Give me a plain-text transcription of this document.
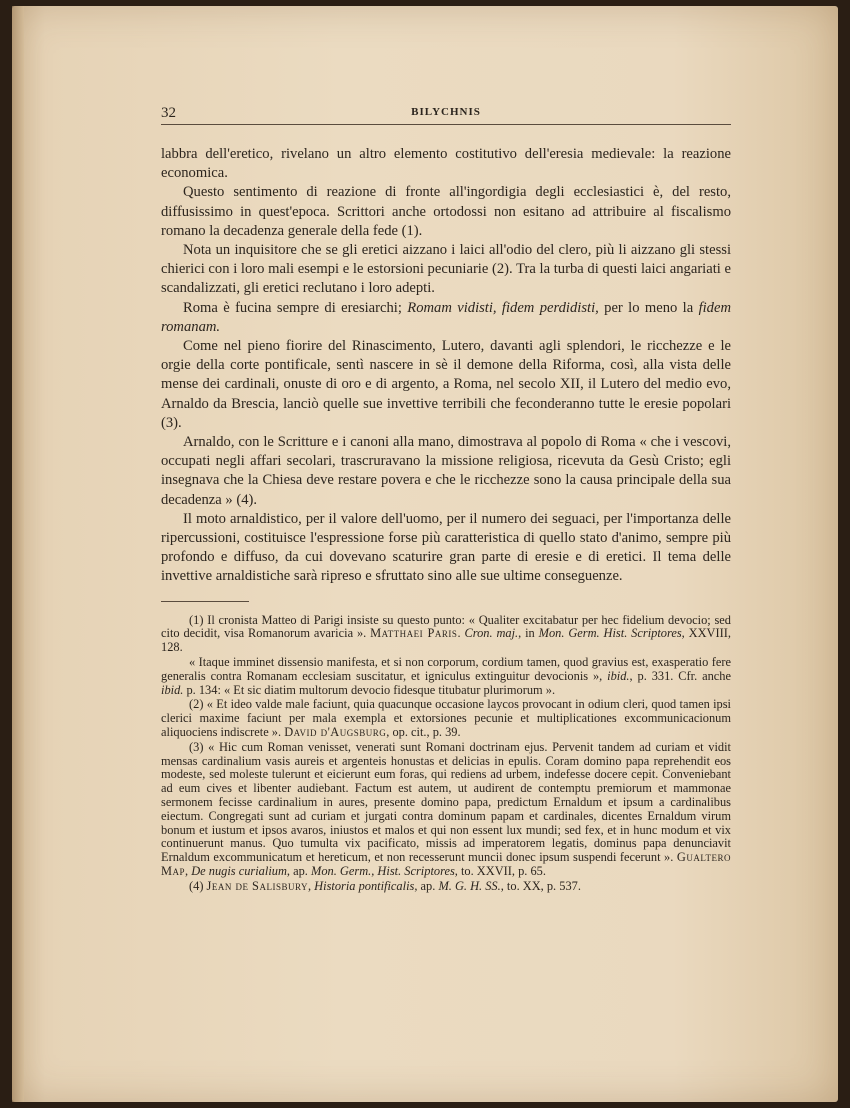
32	BILYCHNIS

labbra dell'eretico, rivelano un altro elemento costitutivo dell'eresia medievale: la reazione economica.

Questo sentimento di reazione di fronte all'ingordigia degli ecclesiastici è, del resto, diffusissimo in quest'epoca. Scrittori anche ortodossi non esitano ad attribuire al fiscalismo romano la decadenza generale della fede (1).

Nota un inquisitore che se gli eretici aizzano i laici all'odio del clero, più li aizzano gli stessi chierici con i loro mali esempi e le estorsioni pecuniarie (2). Tra la turba di questi laici angariati e scandalizzati, gli eretici reclutano i loro adepti.

Roma è fucina sempre di eresiarchi; Romam vidisti, fidem perdidisti, per lo meno la fidem romanam.

Come nel pieno fiorire del Rinascimento, Lutero, davanti agli splendori, le ricchezze e le orgie della corte pontificale, sentì nascere in sè il demone della Riforma, così, alla vista delle mense dei cardinali, onuste di oro e di argento, a Roma, nel secolo XII, il Lutero del medio evo, Arnaldo da Brescia, lanciò quelle sue invettive terribili che feconderanno tutte le eresie popolari (3).

Arnaldo, con le Scritture e i canoni alla mano, dimostrava al popolo di Roma « che i vescovi, occupati negli affari secolari, trascruravano la missione religiosa, ricevuta da Gesù Cristo; egli insegnava che la Chiesa deve restare povera e che le ricchezze sono la causa principale della sua decadenza » (4).

Il moto arnaldistico, per il valore dell'uomo, per il numero dei seguaci, per l'importanza delle ripercussioni, costituisce l'espressione forse più caratteristica di quello stato d'animo, sempre più profondo e diffuso, da cui dovevano scaturire gran parte di eresie e di eretici. Il tema delle invettive arnaldistiche sarà ripreso e sfruttato sino alle sue ultime conseguenze.

(1) Il cronista Matteo di Parigi insiste su questo punto: « Qualiter excitabatur per hec fidelium devocio; sed cito decidit, visa Romanorum avaricia ». Matthaei Paris. Cron. maj., in Mon. Germ. Hist. Scriptores, XXVIII, 128.

« Itaque imminet dissensio manifesta, et si non corporum, cordium tamen, quod gravius est, exasperatio fere generalis contra Romanam ecclesiam suscitatur, et igniculus extinguitur devocionis », ibid., p. 331. Cfr. anche ibid. p. 134: « Et sic diatim multorum devocio fidesque titubatur plurimorum ».

(2) « Et ideo valde male faciunt, quia quacunque occasione laycos provocant in odium cleri, quod tamen ipsi clerici maxime faciunt per mala exempla et extorsiones pecunie et multiplicationes excommunicacionum aliquociens indiscrete ». David d'Augsburg, op. cit., p. 39.

(3) « Hic cum Roman venisset, venerati sunt Romani doctrinam ejus. Pervenit tandem ad curiam et vidit mensas cardinalium vasis aureis et argenteis honustas et delicias in epulis. Coram domino papa reprehendit eos modeste, sed moleste tulerunt et eicierunt eum foras, qui rediens ad urbem, indefesse docere cepit. Conveniebant ad eum cives et libenter audiebant. Factum est autem, ut audirent de contemptu premiorum et mammonae sermonem fecisse cardinalium in aures, presente domino papa, predictum Ernaldum et ipsum a cardinalibus eiectum. Congregati sunt ad curiam et jurgati contra dominum papam et cardinales, dicentes Ernaldum virum bonum et iustum et ipsos avaros, iniustos et malos et qui non essent lux mundi; sed fex, et in hunc modum et vix continuerunt manus. Quo tumulta vix pacificato, missis ad imperatorem legatis, dominus papa denunciavit Ernaldum excommunicatum et hereticum, et non recesserunt muncii donec ipsum suspendi fecerunt ». Gualtero Map, De nugis curialium, ap. Mon. Germ., Hist. Scriptores, to. XXVII, p. 65.

(4) Jean de Salisbury, Historia pontificalis, ap. M. G. H. SS., to. XX, p. 537.
